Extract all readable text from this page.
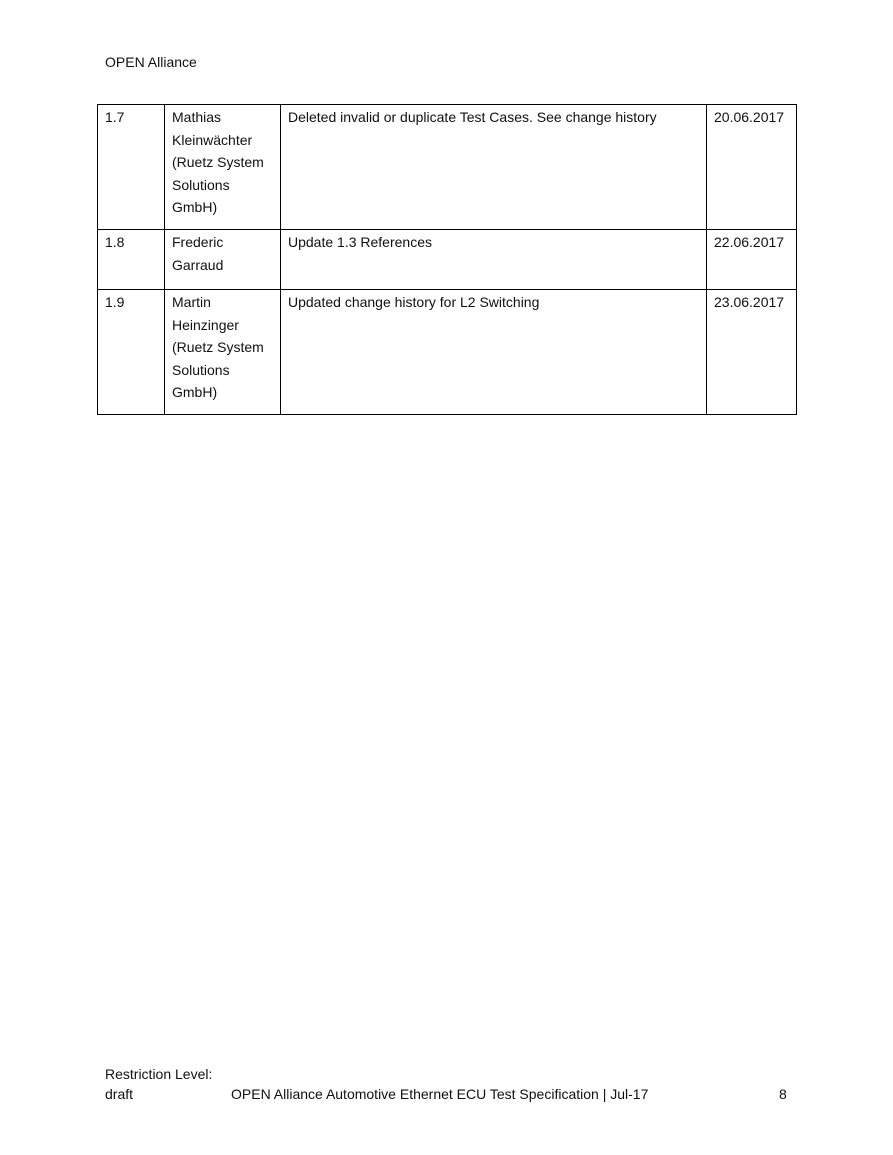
OPEN Alliance
1.7	Mathias Kleinwächter (Ruetz System Solutions GmbH)	Deleted invalid or duplicate Test Cases. See change history	20.06.2017
1.8	Frederic Garraud	Update 1.3 References	22.06.2017
1.9	Martin Heinzinger (Ruetz System Solutions GmbH)	Updated change history for L2 Switching	23.06.2017
Restriction Level:
draft	OPEN Alliance Automotive Ethernet ECU Test Specification | Jul-17	8
